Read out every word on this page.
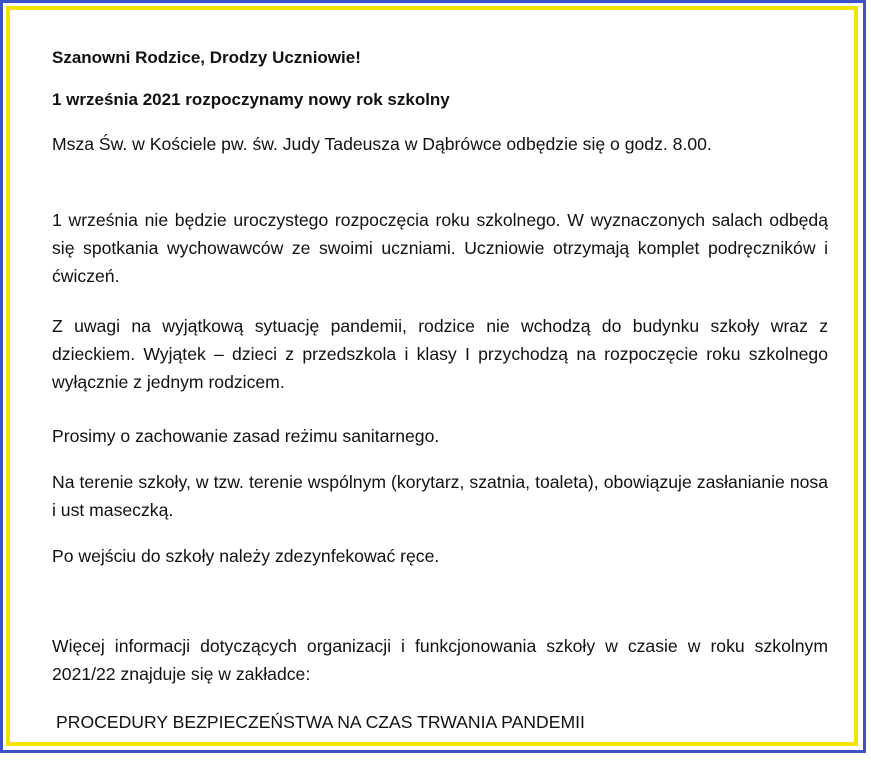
Szanowni Rodzice, Drodzy Uczniowie!

1 września 2021 rozpoczynamy nowy rok szkolny

Msza Św. w Kościele pw. św. Judy Tadeusza w Dąbrówce odbędzie się o godz. 8.00.

1 września nie będzie uroczystego rozpoczęcia roku szkolnego. W wyznaczonych salach odbędą się spotkania wychowawców ze swoimi uczniami. Uczniowie otrzymają komplet podręczników i ćwiczeń.

Z uwagi na wyjątkową sytuację pandemii, rodzice nie wchodzą do budynku szkoły wraz z dzieckiem. Wyjątek – dzieci z przedszkola i klasy I przychodzą na rozpoczęcie roku szkolnego wyłącznie z jednym rodzicem.

Prosimy o zachowanie zasad reżimu sanitarnego.

Na terenie szkoły, w tzw. terenie wspólnym (korytarz, szatnia, toaleta), obowiązuje zasłanianie nosa i ust maseczką.

Po wejściu do szkoły należy zdezynfekować ręce.

Więcej informacji dotyczących organizacji i funkcjonowania szkoły w czasie w roku szkolnym 2021/22 znajduje się w zakładce:

PROCEDURY BEZPIECZEŃSTWA NA CZAS TRWANIA PANDEMII
